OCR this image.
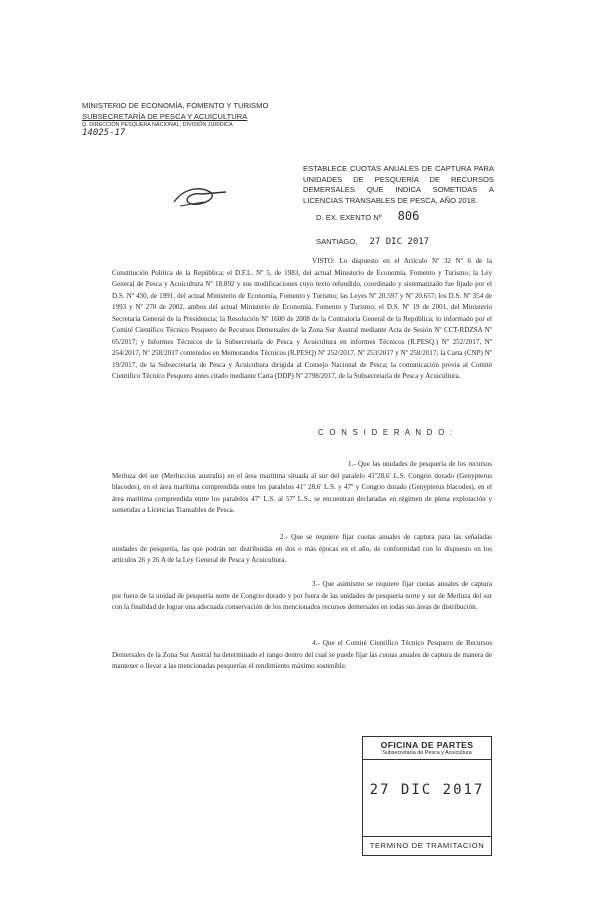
MINISTERIO DE ECONOMÍA, FOMENTO Y TURISMO
SUBSECRETARÍA DE PESCA Y ACUICULTURA
Q. DIRECCIÓN PESQUERA NACIONAL; DIVISIÓN JURÍDICA
14025-17
ESTABLECE CUOTAS ANUALES DE CAPTURA PARA UNIDADES DE PESQUERÍA DE RECURSOS DEMERSALES QUE INDICA SOMETIDAS A LICENCIAS TRANSABLES DE PESCA, AÑO 2018.
D. EX. EXENTO Nº 806
SANTIAGO, 27 DIC 2017
VISTO: Lo dispuesto en el Artículo Nº 32 Nº 6 de la Constitución Política de la República; el D.F.L. Nº 5, de 1983, del actual Ministerio de Economía, Fomento y Turismo; la Ley General de Pesca y Acuicultura Nº 18.892 y sus modificaciones cuyo texto refundido, coordinado y sistematizado fue fijado por el D.S. Nº 430, de 1991, del actual Ministerio de Economía, Fomento y Turismo; las Leyes Nº 20.597 y Nº 20.657; los D.S. Nº 354 de 1993 y Nº 270 de 2002, ambos del actual Ministerio de Economía, Fomento y Turismo; el D.S. Nº 19 de 2001, del Ministerio Secretaría General de la Presidencia; la Resolución Nº 1600 de 2008 de la Contraloría General de la República; lo informado por el Comité Científico Técnico Pesquero de Recursos Demersales de la Zona Sur Austral mediante Acta de Sesión Nº CCT-RDZSA Nº 05/2017; y Informes Técnicos de la Subsecretaría de Pesca y Acuicultura en informes Técnicos (R.PESQ.) Nº 252/2017, Nº 254/2017, Nº 258/2017 contenidos en Memorandos Técnicos (R.PESQ) Nº 252/2017, Nº 253/2017 y Nº 258/2017; la Carta (CNP) Nº 19/2017, de la Subsecretaría de Pesca y Acuicultura dirigida al Consejo Nacional de Pesca; la comunicación previa al Comité Científico Técnico Pesquero antes citado mediante Carta (DDP) Nº 2798/2017, de la Subsecretaría de Pesca y Acuicultura.
C O N S I D E R A N D O :
1.- Que las unidades de pesquería de los recursos Merluza del sur (Merluccius australis) en el área marítima situada al sur del paralelo 41º28,6' L.S. Congrio dorado (Genypterus blacodes), en el área marítima comprendida entre los paralelos 41º 28,6' L.S. y 47º y Congrio dorado (Genypterus blacodes), en el área marítima comprendida entre los paralelos 47º L.S. al 57º L.S., se encuentran declaradas en régimen de plena explotación y sometidas a Licencias Transables de Pesca.
2.- Que se requiere fijar cuotas anuales de captura para las señaladas unidades de pesquería, las que podrán ser distribuidas en dos o más épocas en el año, de conformidad con lo dispuesto en los artículos 26 y 26 A de la Ley General de Pesca y Acuicultura.
3.- Que asimismo se requiere fijar cuotas anuales de captura por fuera de la unidad de pesquería norte de Congrio dorado y por fuera de las unidades de pesquería norte y sur de Merluza del sur con la finalidad de lograr una adecuada conservación de los mencionados recursos demersales en todas sus áreas de distribución.
4.- Que el Comité Científico Técnico Pesquero de Recursos Demersales de la Zona Sur Austral ha determinado el rango dentro del cual se puede fijar las cuotas anuales de captura de manera de mantener o llevar a las mencionadas pesquerías el rendimiento máximo sostenible.
OFICINA DE PARTES
Subsecretaría de Pesca y Acuicultura
27 DIC 2017
TERMINO DE TRAMITACION
